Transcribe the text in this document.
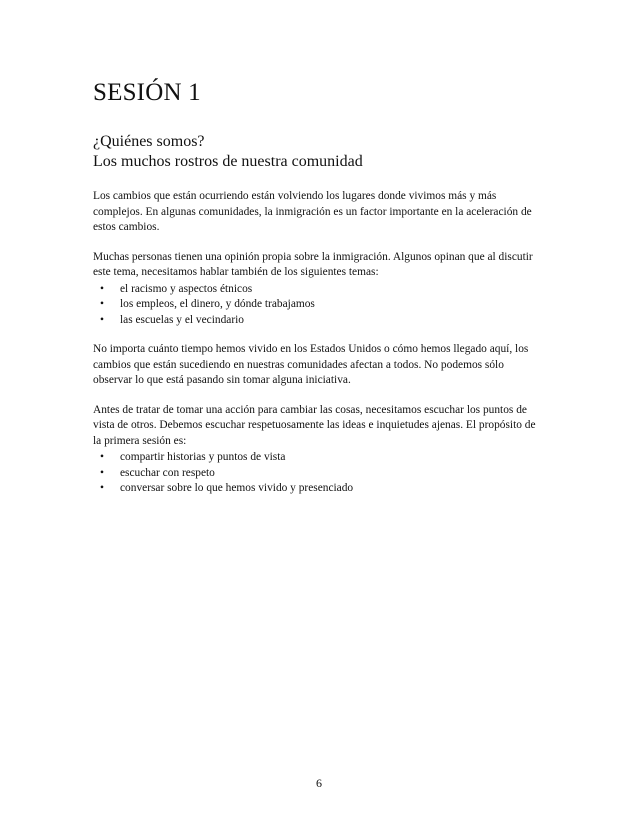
SESIÓN 1
¿Quiénes somos?
Los muchos rostros de nuestra comunidad

Los cambios que están ocurriendo están volviendo los lugares donde vivimos más y más complejos. En algunas comunidades, la inmigración es un factor importante en la aceleración de estos cambios.

Muchas personas tienen una opinión propia sobre la inmigración. Algunos opinan que al discutir este tema, necesitamos hablar también de los siguientes temas:

•	el racismo y aspectos étnicos
•	los empleos, el dinero, y dónde trabajamos
•	las escuelas y el vecindario

No importa cuánto tiempo hemos vivido en los Estados Unidos o cómo hemos llegado aquí, los cambios que están sucediendo en nuestras comunidades afectan a todos. No podemos sólo observar lo que está pasando sin tomar alguna iniciativa.

Antes de tratar de tomar una acción para cambiar las cosas, necesitamos escuchar los puntos de vista de otros. Debemos escuchar respetuosamente las ideas e inquietudes ajenas. El propósito de la primera sesión es:

•	compartir historias y puntos de vista
•	escuchar con respeto
•	conversar sobre lo que hemos vivido y presenciado
6
